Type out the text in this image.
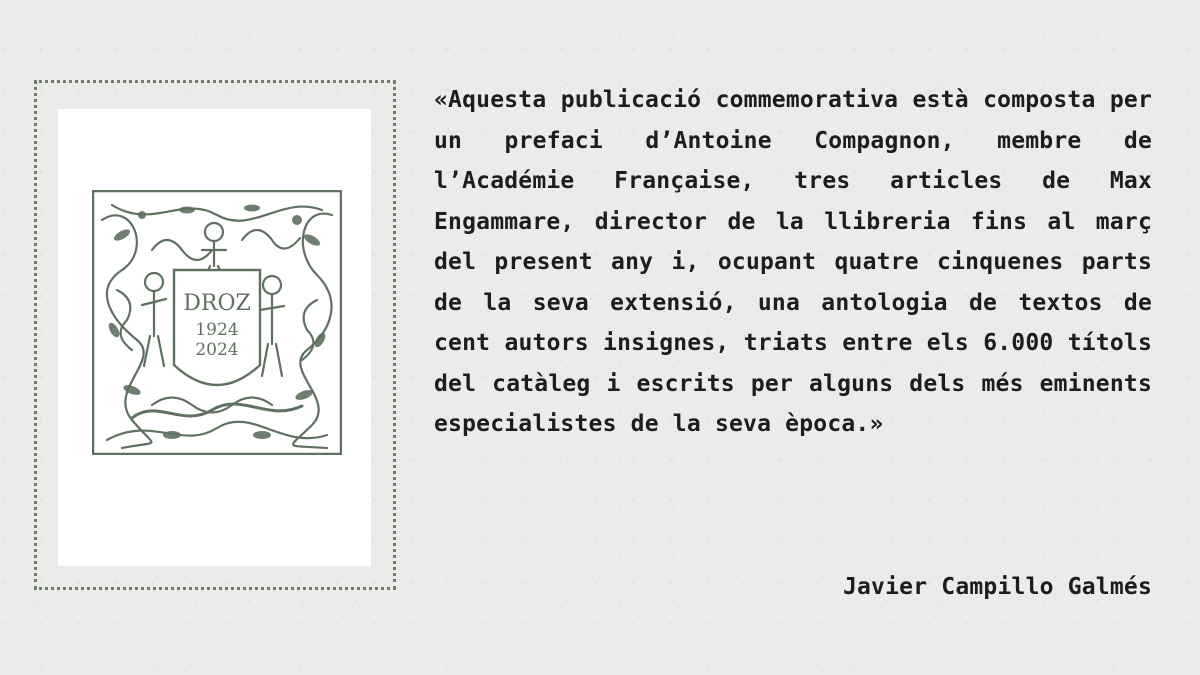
DROZ
1924
2024
«Aquesta publicació commemorativa està composta per un prefaci d’Antoine Compagnon, membre de l’Académie Française, tres articles de Max Engammare, director de la llibreria fins al març del present any i, ocupant quatre cinquenes parts de la seva extensió, una antologia de textos de cent autors insignes, triats entre els 6.000 títols del catàleg i escrits per alguns dels més eminents especialistes de la seva època.»
Javier Campillo Galmés
